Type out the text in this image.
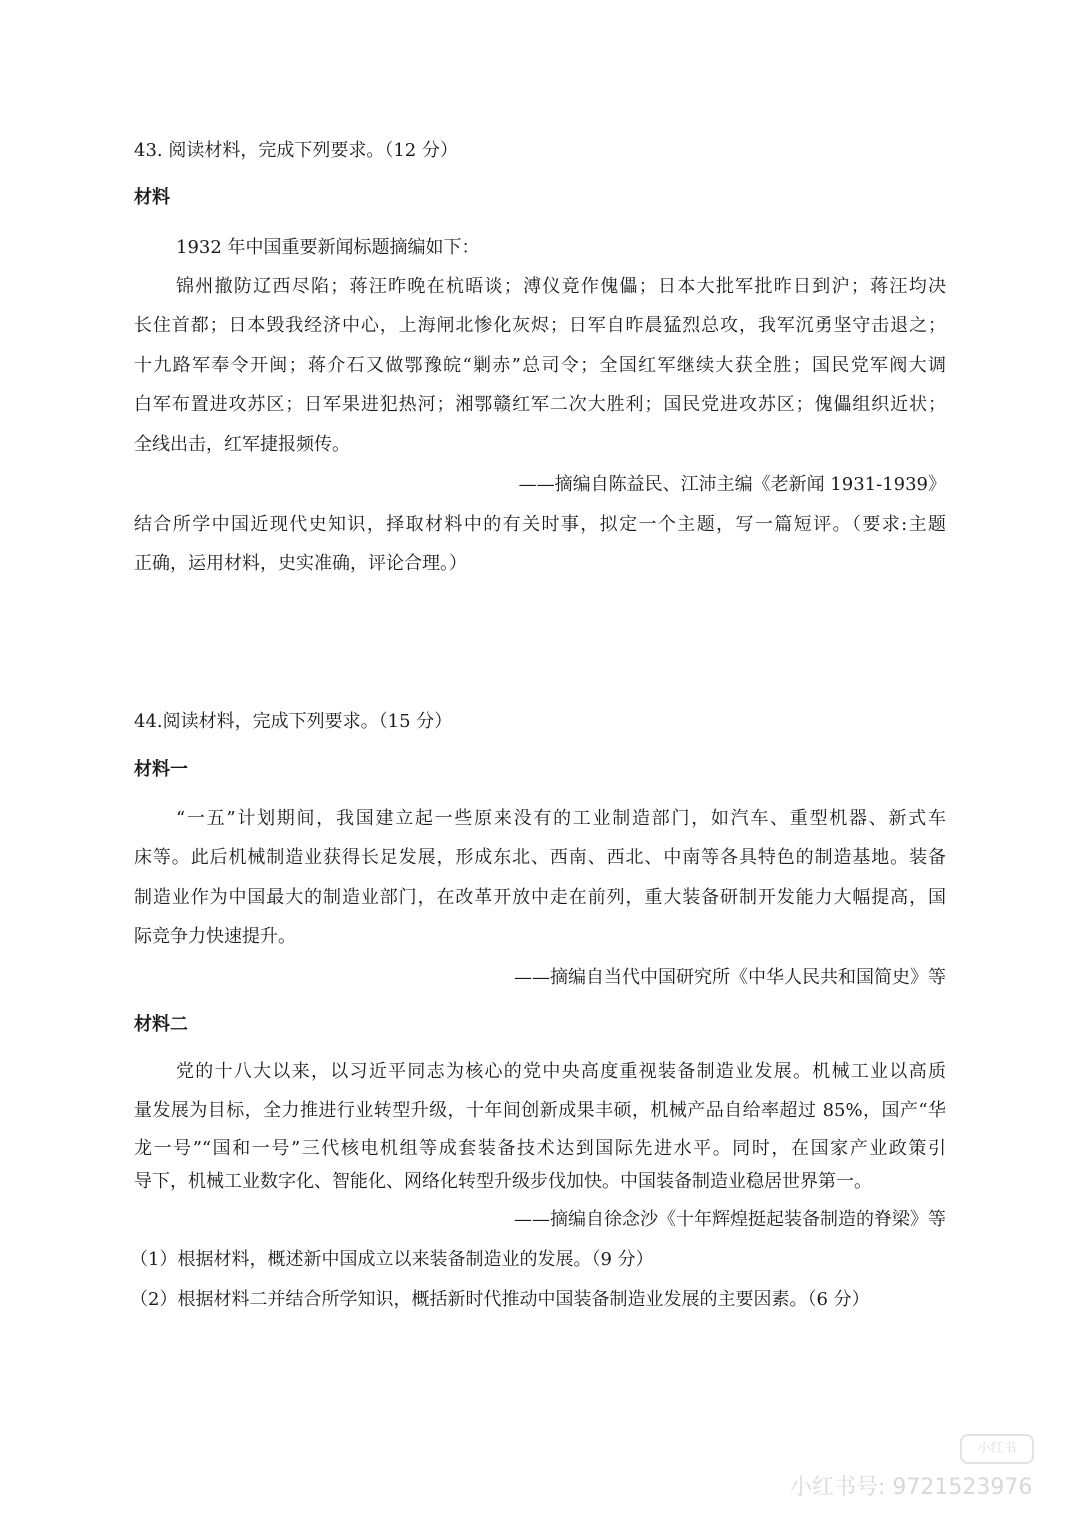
43. 阅读材料，完成下列要求。（12 分）
材料
1932 年中国重要新闻标题摘编如下：
锦州撤防辽西尽陷；蒋汪昨晚在杭晤谈；溥仪竟作傀儡；日本大批军批昨日到沪；蒋汪均决
长住首都；日本毁我经济中心，上海闸北惨化灰烬；日军自昨晨猛烈总攻，我军沉勇坚守击退之；
十九路军奉令开闽；蒋介石又做鄂豫皖“剿赤”总司令；全国红军继续大获全胜；国民党军阀大调
白军布置进攻苏区；日军果进犯热河；湘鄂赣红军二次大胜利；国民党进攻苏区；傀儡组织近状；
全线出击，红军捷报频传。
——摘编自陈益民、江沛主编《老新闻 1931-1939》
结合所学中国近现代史知识，择取材料中的有关时事，拟定一个主题，写一篇短评。（要求:主题
正确，运用材料，史实准确，评论合理。）
44.阅读材料，完成下列要求。（15 分）
材料一
“一五”计划期间，我国建立起一些原来没有的工业制造部门，如汽车、重型机器、新式车
床等。此后机械制造业获得长足发展，形成东北、西南、西北、中南等各具特色的制造基地。装备
制造业作为中国最大的制造业部门，在改革开放中走在前列，重大装备研制开发能力大幅提高，国
际竞争力快速提升。
——摘编自当代中国研究所《中华人民共和国简史》等
材料二
党的十八大以来，以习近平同志为核心的党中央高度重视装备制造业发展。机械工业以高质
量发展为目标，全力推进行业转型升级，十年间创新成果丰硕，机械产品自给率超过 85%，国产“华
龙一号”“国和一号”三代核电机组等成套装备技术达到国际先进水平。同时，在国家产业政策引
导下，机械工业数字化、智能化、网络化转型升级步伐加快。中国装备制造业稳居世界第一。
——摘编自徐念沙《十年辉煌挺起装备制造的脊梁》等
（1）根据材料，概述新中国成立以来装备制造业的发展。（9 分）
（2）根据材料二并结合所学知识，概括新时代推动中国装备制造业发展的主要因素。（6 分）
小红书
小红书号: 9721523976
